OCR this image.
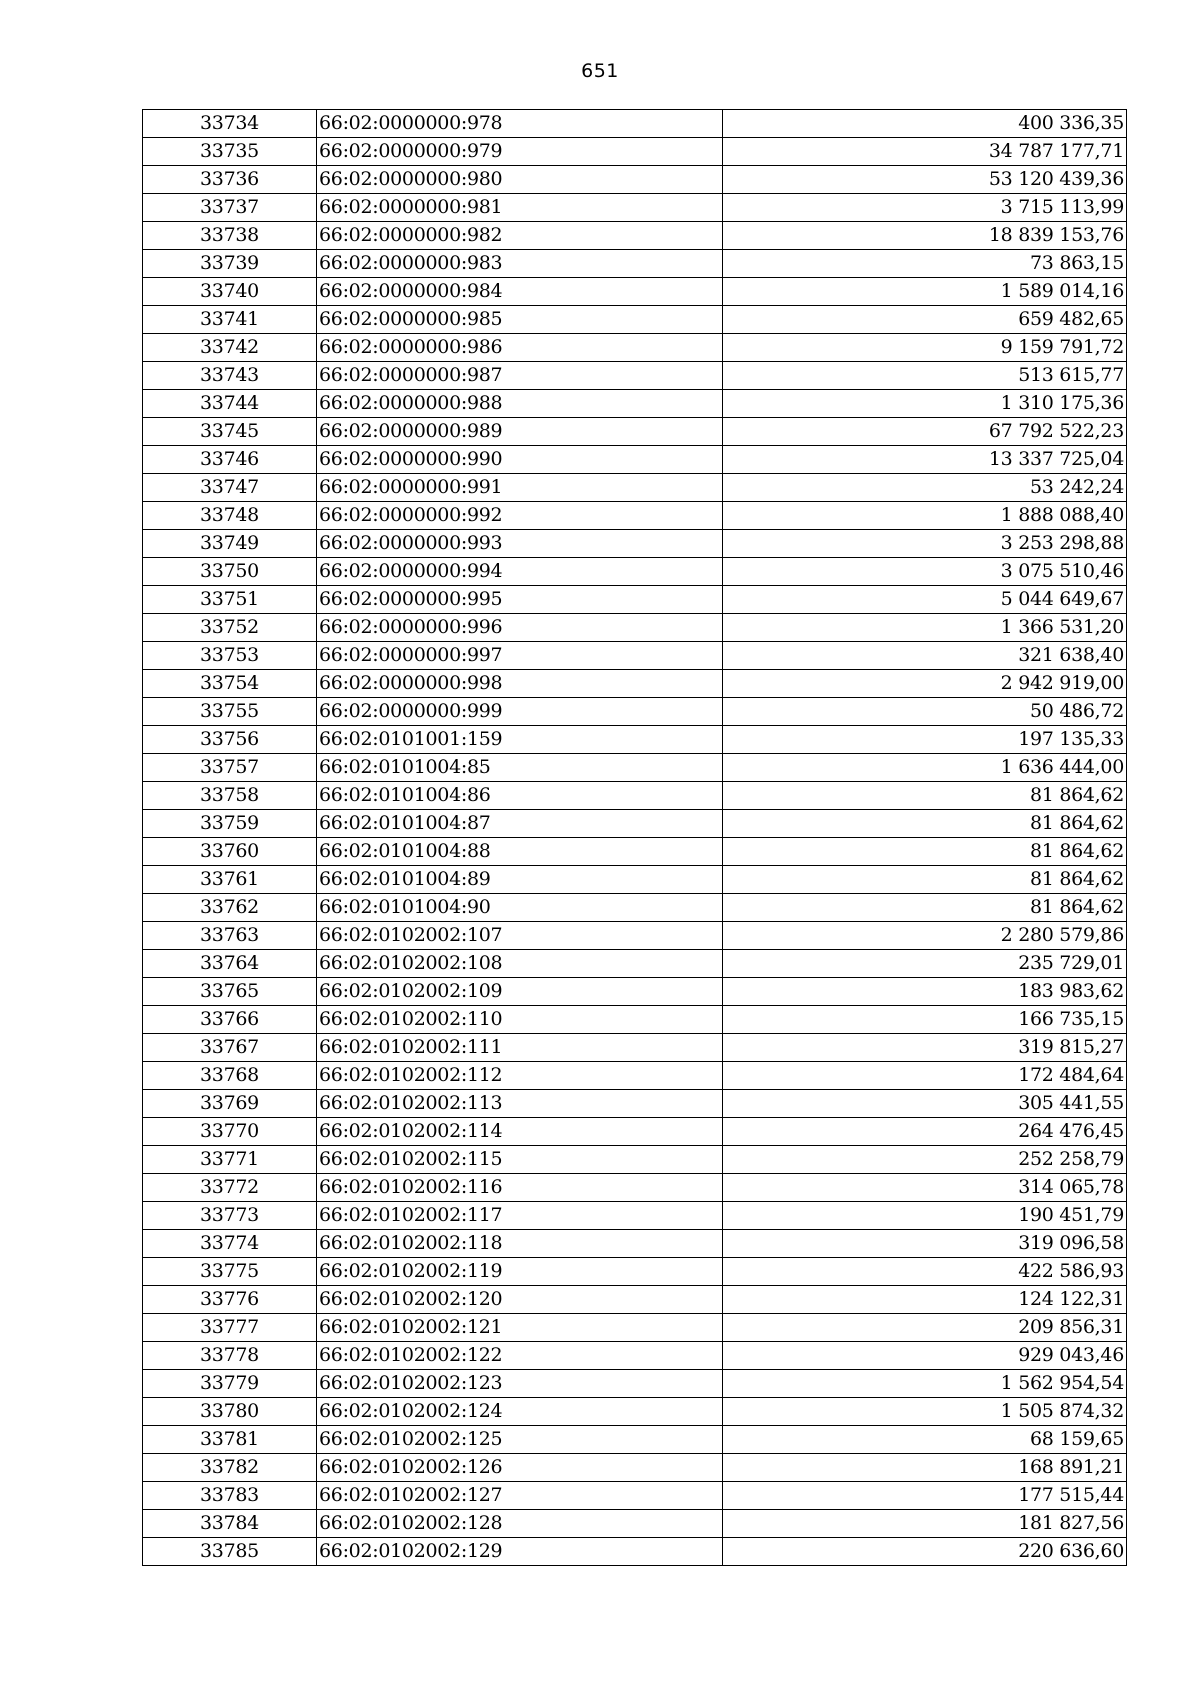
651
33734	66:02:0000000:978	400 336,35
33735	66:02:0000000:979	34 787 177,71
33736	66:02:0000000:980	53 120 439,36
33737	66:02:0000000:981	3 715 113,99
33738	66:02:0000000:982	18 839 153,76
33739	66:02:0000000:983	73 863,15
33740	66:02:0000000:984	1 589 014,16
33741	66:02:0000000:985	659 482,65
33742	66:02:0000000:986	9 159 791,72
33743	66:02:0000000:987	513 615,77
33744	66:02:0000000:988	1 310 175,36
33745	66:02:0000000:989	67 792 522,23
33746	66:02:0000000:990	13 337 725,04
33747	66:02:0000000:991	53 242,24
33748	66:02:0000000:992	1 888 088,40
33749	66:02:0000000:993	3 253 298,88
33750	66:02:0000000:994	3 075 510,46
33751	66:02:0000000:995	5 044 649,67
33752	66:02:0000000:996	1 366 531,20
33753	66:02:0000000:997	321 638,40
33754	66:02:0000000:998	2 942 919,00
33755	66:02:0000000:999	50 486,72
33756	66:02:0101001:159	197 135,33
33757	66:02:0101004:85	1 636 444,00
33758	66:02:0101004:86	81 864,62
33759	66:02:0101004:87	81 864,62
33760	66:02:0101004:88	81 864,62
33761	66:02:0101004:89	81 864,62
33762	66:02:0101004:90	81 864,62
33763	66:02:0102002:107	2 280 579,86
33764	66:02:0102002:108	235 729,01
33765	66:02:0102002:109	183 983,62
33766	66:02:0102002:110	166 735,15
33767	66:02:0102002:111	319 815,27
33768	66:02:0102002:112	172 484,64
33769	66:02:0102002:113	305 441,55
33770	66:02:0102002:114	264 476,45
33771	66:02:0102002:115	252 258,79
33772	66:02:0102002:116	314 065,78
33773	66:02:0102002:117	190 451,79
33774	66:02:0102002:118	319 096,58
33775	66:02:0102002:119	422 586,93
33776	66:02:0102002:120	124 122,31
33777	66:02:0102002:121	209 856,31
33778	66:02:0102002:122	929 043,46
33779	66:02:0102002:123	1 562 954,54
33780	66:02:0102002:124	1 505 874,32
33781	66:02:0102002:125	68 159,65
33782	66:02:0102002:126	168 891,21
33783	66:02:0102002:127	177 515,44
33784	66:02:0102002:128	181 827,56
33785	66:02:0102002:129	220 636,60
